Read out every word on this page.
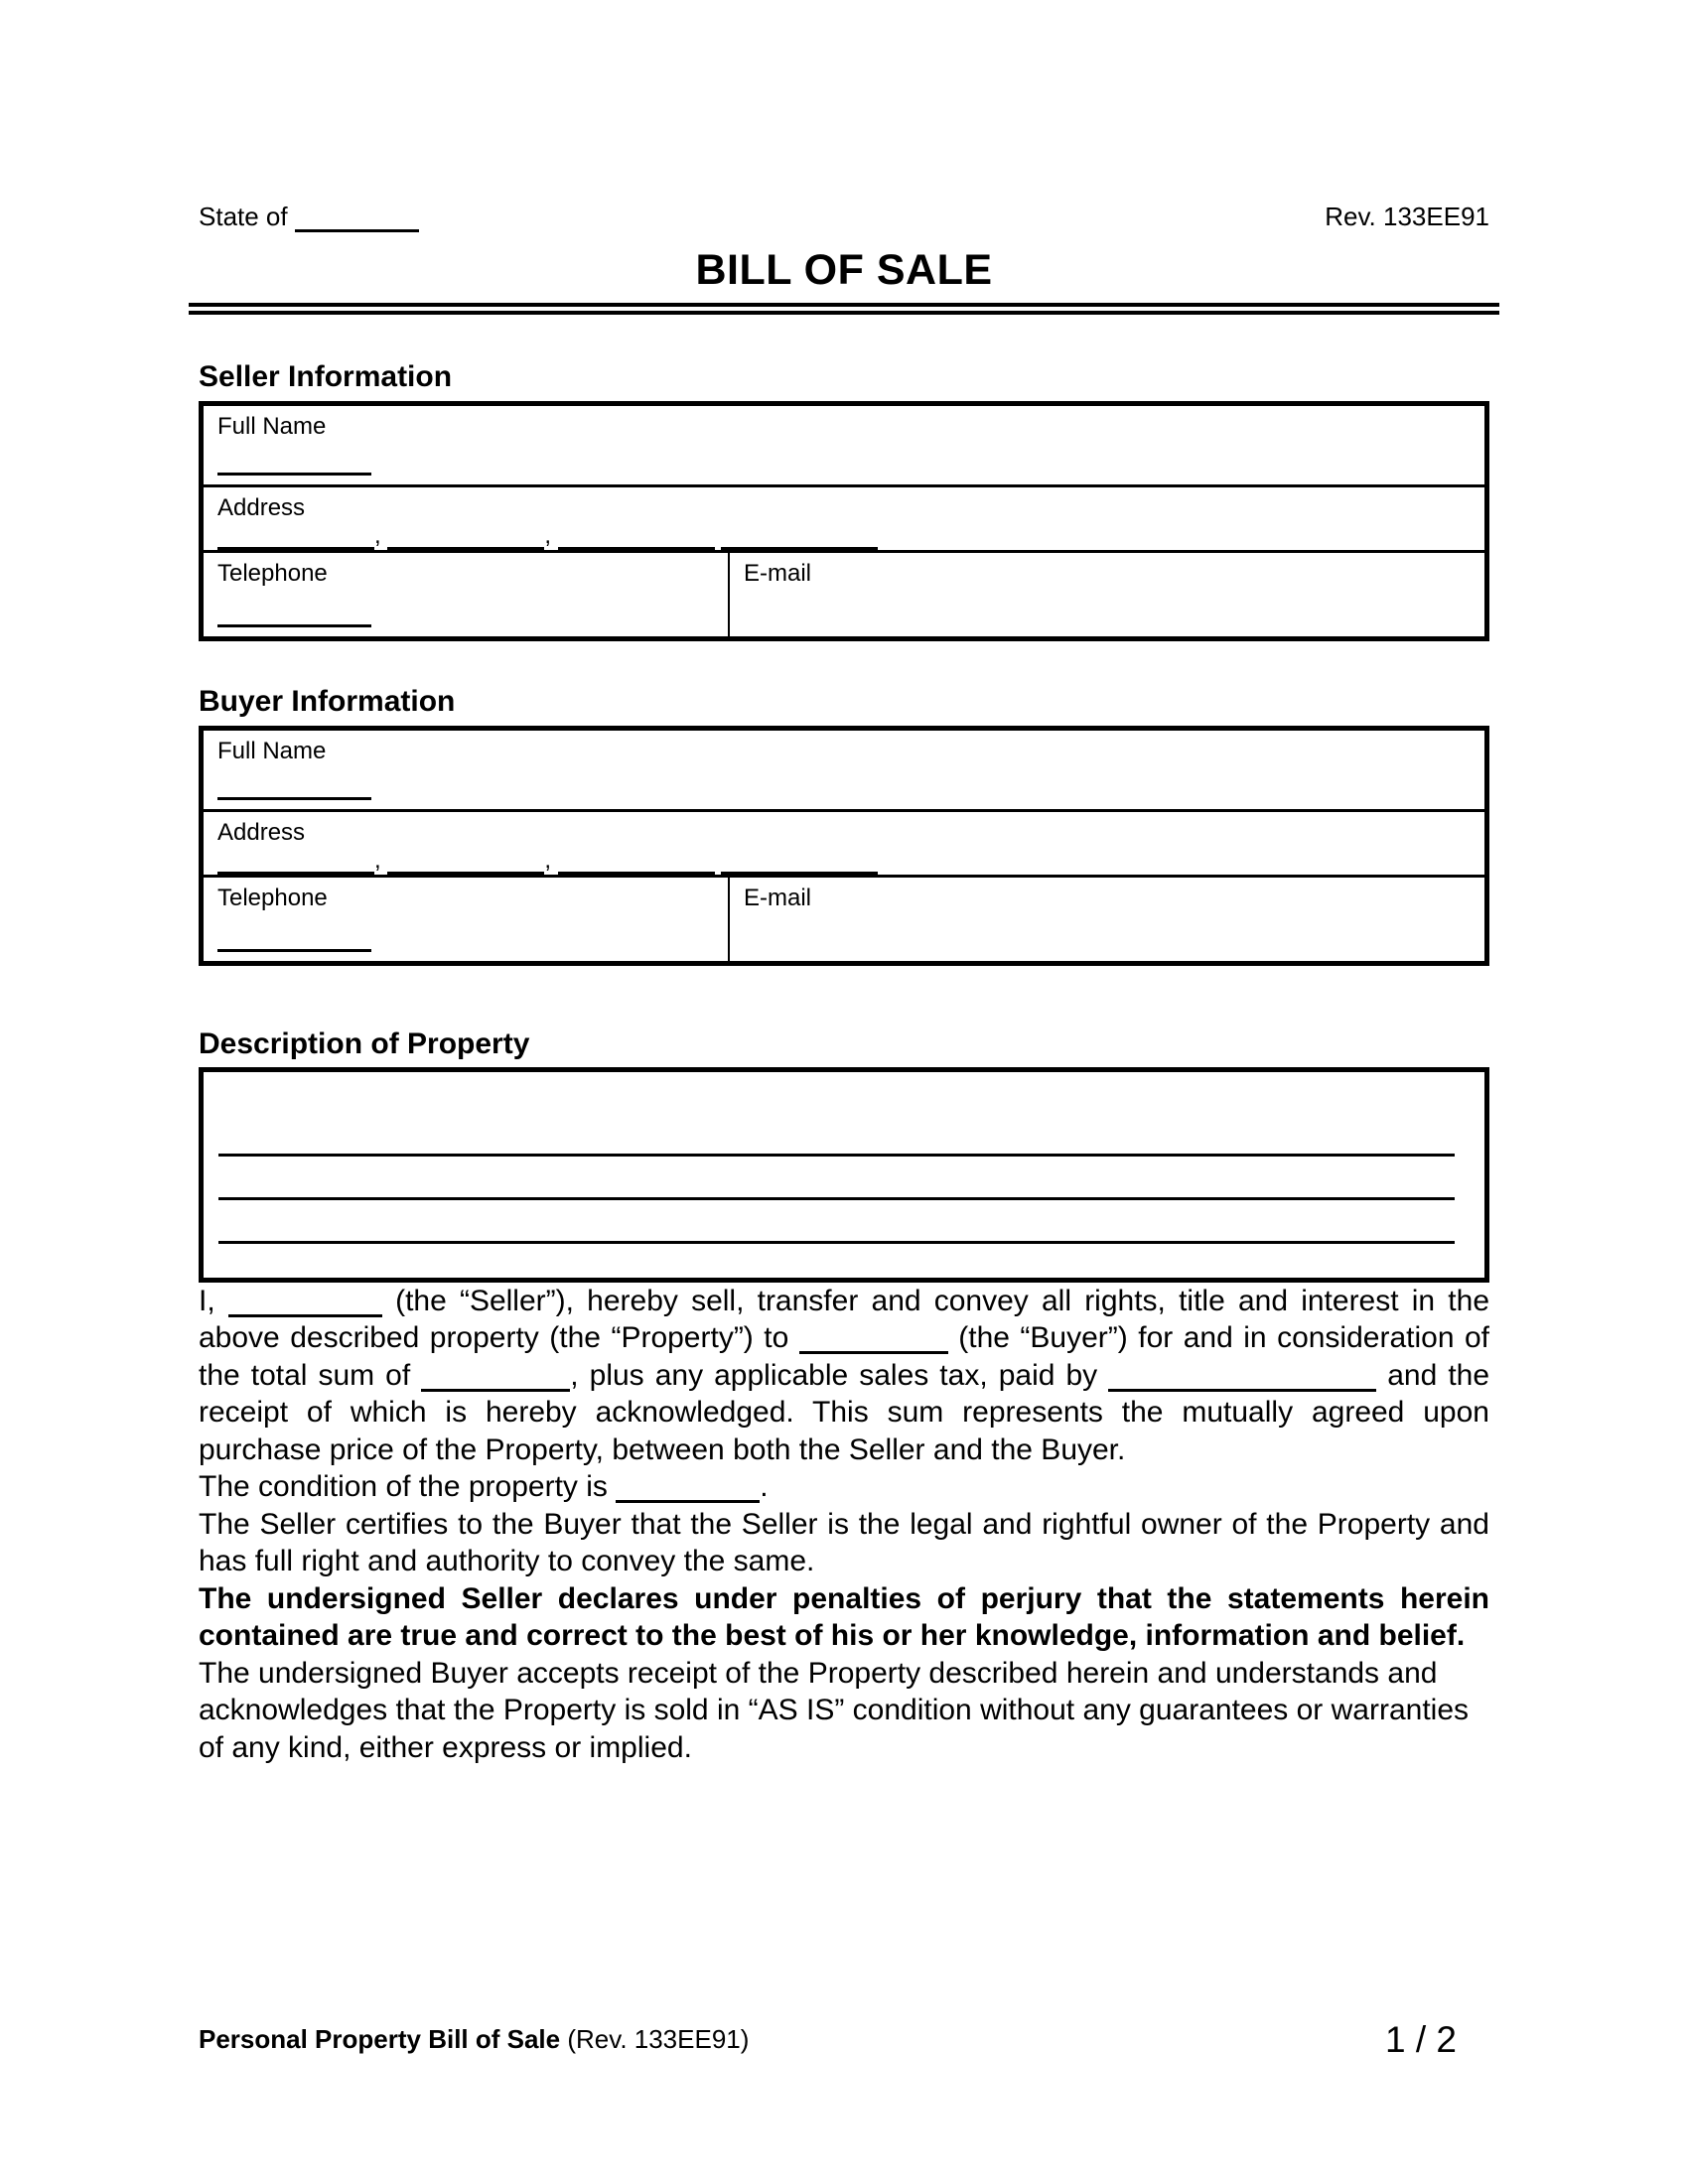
State of	Rev. 133EE91
BILL OF SALE
Seller Information
Full Name
Address
,	,
Telephone	E-mail
Buyer Information
Full Name
Address
,	,
Telephone	E-mail
Description of Property

I,	(the “Seller”), hereby sell, transfer and convey all rights, title and interest in the above described property (the “Property”) to	(the “Buyer”) for and in consideration of the total sum of	, plus any applicable sales tax, paid by	and the receipt of which is hereby acknowledged. This sum represents the mutually agreed upon purchase price of the Property, between both the Seller and the Buyer.

The condition of the property is	.

The Seller certifies to the Buyer that the Seller is the legal and rightful owner of the Property and has full right and authority to convey the same.

The undersigned Seller declares under penalties of perjury that the statements herein contained are true and correct to the best of his or her knowledge, information and belief.

The undersigned Buyer accepts receipt of the Property described herein and understands and acknowledges that the Property is sold in “AS IS” condition without any guarantees or warranties of any kind, either express or implied.

Personal Property Bill of Sale (Rev. 133EE91)	1 / 2
